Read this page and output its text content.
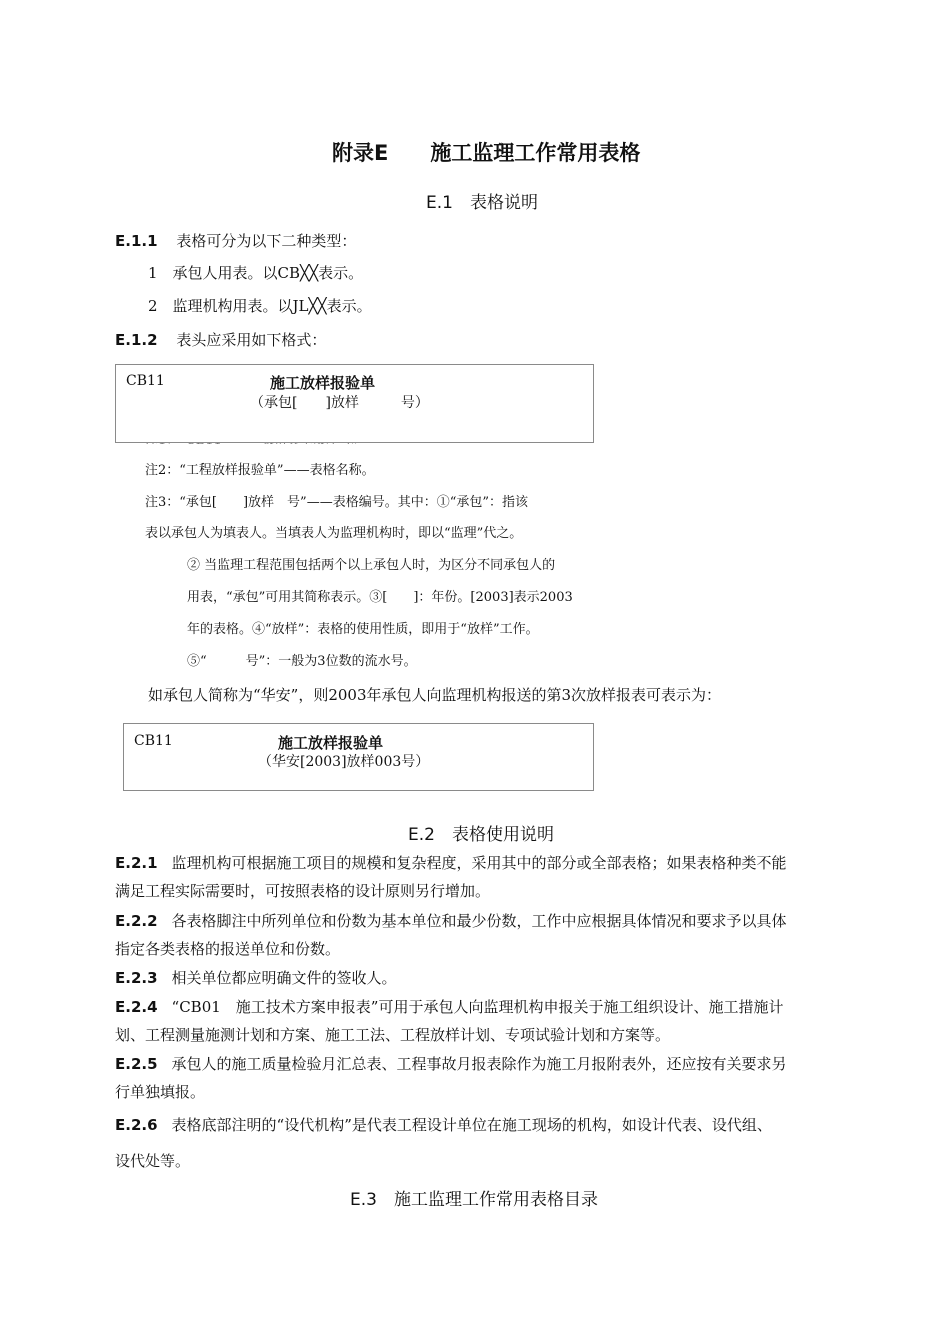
附录E　　施工监理工作常用表格
E.1　表格说明
E.1.1 表格可分为以下二种类型：
1　承包人用表。以CB╳╳表示。
2　监理机构用表。以JL╳╳表示。
E.1.2 表头应采用如下格式：
CB11	施工放样报验单
（承包[　　]放样　　　号）
注2：“工程放样报验单”——表格名称。
注3：“承包[　　]放样　号”——表格编号。其中：①“承包”：指该
表以承包人为填表人。当填表人为监理机构时，即以“监理”代之。
② 当监理工程范围包括两个以上承包人时，为区分不同承包人的
用表，“承包”可用其简称表示。③[　　]：年份。[2003]表示2003
年的表格。④“放样”：表格的使用性质，即用于“放样”工作。
⑤“　　　号”：一般为3位数的流水号。
如承包人简称为“华安”，则2003年承包人向监理机构报送的第3次放样报表可表示为：
CB11	施工放样报验单
（华安[2003]放样003号）
E.2　表格使用说明
E.2.1 监理机构可根据施工项目的规模和复杂程度，采用其中的部分或全部表格；如果表格种类不能
满足工程实际需要时，可按照表格的设计原则另行增加。
E.2.2 各表格脚注中所列单位和份数为基本单位和最少份数，工作中应根据具体情况和要求予以具体
指定各类表格的报送单位和份数。
E.2.3 相关单位都应明确文件的签收人。
E.2.4 “CB01　施工技术方案申报表”可用于承包人向监理机构申报关于施工组织设计、施工措施计
划、工程测量施测计划和方案、施工工法、工程放样计划、专项试验计划和方案等。
E.2.5 承包人的施工质量检验月汇总表、工程事故月报表除作为施工月报附表外，还应按有关要求另
行单独填报。
E.2.6 表格底部注明的“设代机构”是代表工程设计单位在施工现场的机构，如设计代表、设代组、
设代处等。
E.3　施工监理工作常用表格目录
